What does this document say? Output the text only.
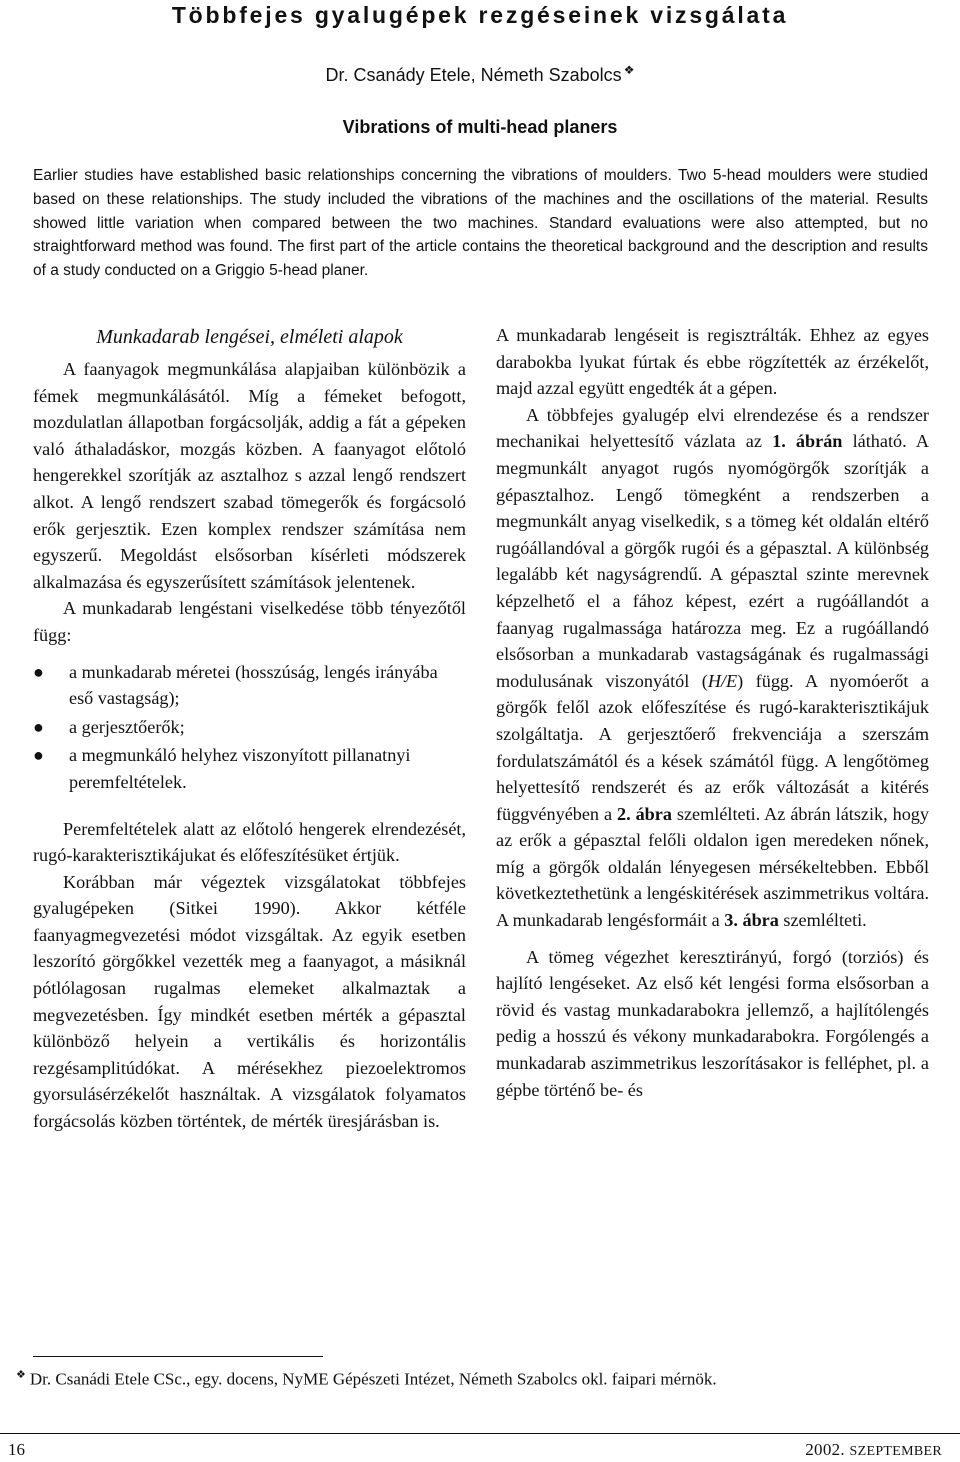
Többfejes gyalugépek rezgéseinek vizsgálata
Dr. Csanády Etele, Németh Szabolcs ❖
Vibrations of multi-head planers

Earlier studies have established basic relationships concerning the vibrations of moulders. Two 5-head moulders were studied based on these relationships. The study included the vibrations of the machines and the oscillations of the material. Results showed little variation when compared between the two machines. Standard evaluations were also attempted, but no straightforward method was found. The first part of the article contains the theoretical background and the description and results of a study conducted on a Griggio 5-head planer.

Munkadarab lengései, elméleti alapok

A faanyagok megmunkálása alapjaiban különbözik a fémek megmunkálásától. Míg a fémeket befogott, mozdulatlan állapotban forgácsolják, addig a fát a gépeken való áthaladáskor, mozgás közben. A faanyagot előtoló hengerekkel szorítják az asztalhoz s azzal lengő rendszert alkot. A lengő rendszert szabad tömegerők és forgácsoló erők gerjesztik. Ezen komplex rendszer számítása nem egyszerű. Megoldást elsősorban kísérleti módszerek alkalmazása és egyszerűsített számítások jelentenek.

A munkadarab lengéstani viselkedése több tényezőtől függ:

● a munkadarab méretei (hosszúság, lengés irányába eső vastagság);
● a gerjesztőerők;
● a megmunkáló helyhez viszonyított pillanatnyi peremfeltételek.

Peremfeltételek alatt az előtoló hengerek elrendezését, rugó-karakterisztikájukat és előfeszítésüket értjük.

Korábban már végeztek vizsgálatokat többfejes gyalugépeken (Sitkei 1990). Akkor kétféle faanyagmegvezetési módot vizsgáltak. Az egyik esetben leszorító görgőkkel vezették meg a faanyagot, a másiknál pótlólagosan rugalmas elemeket alkalmaztak a megvezetésben. Így mindkét esetben mérték a gépasztal különböző helyein a vertikális és horizontális rezgésamplitúdókat. A mérésekhez piezoelektromos gyorsulásérzékelőt használtak. A vizsgálatok folyamatos forgácsolás közben történtek, de mérték üresjárásban is.

A munkadarab lengéseit is regisztrálták. Ehhez az egyes darabokba lyukat fúrtak és ebbe rögzítették az érzékelőt, majd azzal együtt engedték át a gépen.

A többfejes gyalugép elvi elrendezése és a rendszer mechanikai helyettesítő vázlata az 1. ábrán látható. A megmunkált anyagot rugós nyomógörgők szorítják a gépasztalhoz. Lengő tömegként a rendszerben a megmunkált anyag viselkedik, s a tömeg két oldalán eltérő rugóállandóval a görgők rugói és a gépasztal. A különbség legalább két nagyságrendű. A gépasztal szinte merevnek képzelhető el a fához képest, ezért a rugóállandót a faanyag rugalmassága határozza meg. Ez a rugóállandó elsősorban a munkadarab vastagságának és rugalmassági modulusának viszonyától (H/E) függ. A nyomóerőt a görgők felől azok előfeszítése és rugó-karakterisztikájuk szolgáltatja. A gerjesztőerő frekvenciája a szerszám fordulatszámától és a kések számától függ. A lengőtömeg helyettesítő rendszerét és az erők változását a kitérés függvényében a 2. ábra szemlélteti. Az ábrán látszik, hogy az erők a gépasztal felőli oldalon igen meredeken nőnek, míg a görgők oldalán lényegesen mérsékeltebben. Ebből következtethetünk a lengéskitérések aszimmetrikus voltára. A munkadarab lengésformáit a 3. ábra szemlélteti.

A tömeg végezhet keresztirányú, forgó (torziós) és hajlító lengéseket. Az első két lengési forma elsősorban a rövid és vastag munkadarabokra jellemző, a hajlítólengés pedig a hosszú és vékony munkadarabokra. Forgólengés a munkadarab aszimmetrikus leszorításakor is felléphet, pl. a gépbe történő be- és

❖ Dr. Csanádi Etele CSc., egy. docens, NyME Gépészeti Intézet, Németh Szabolcs okl. faipari mérnök.
16	2002. SZEPTEMBER
